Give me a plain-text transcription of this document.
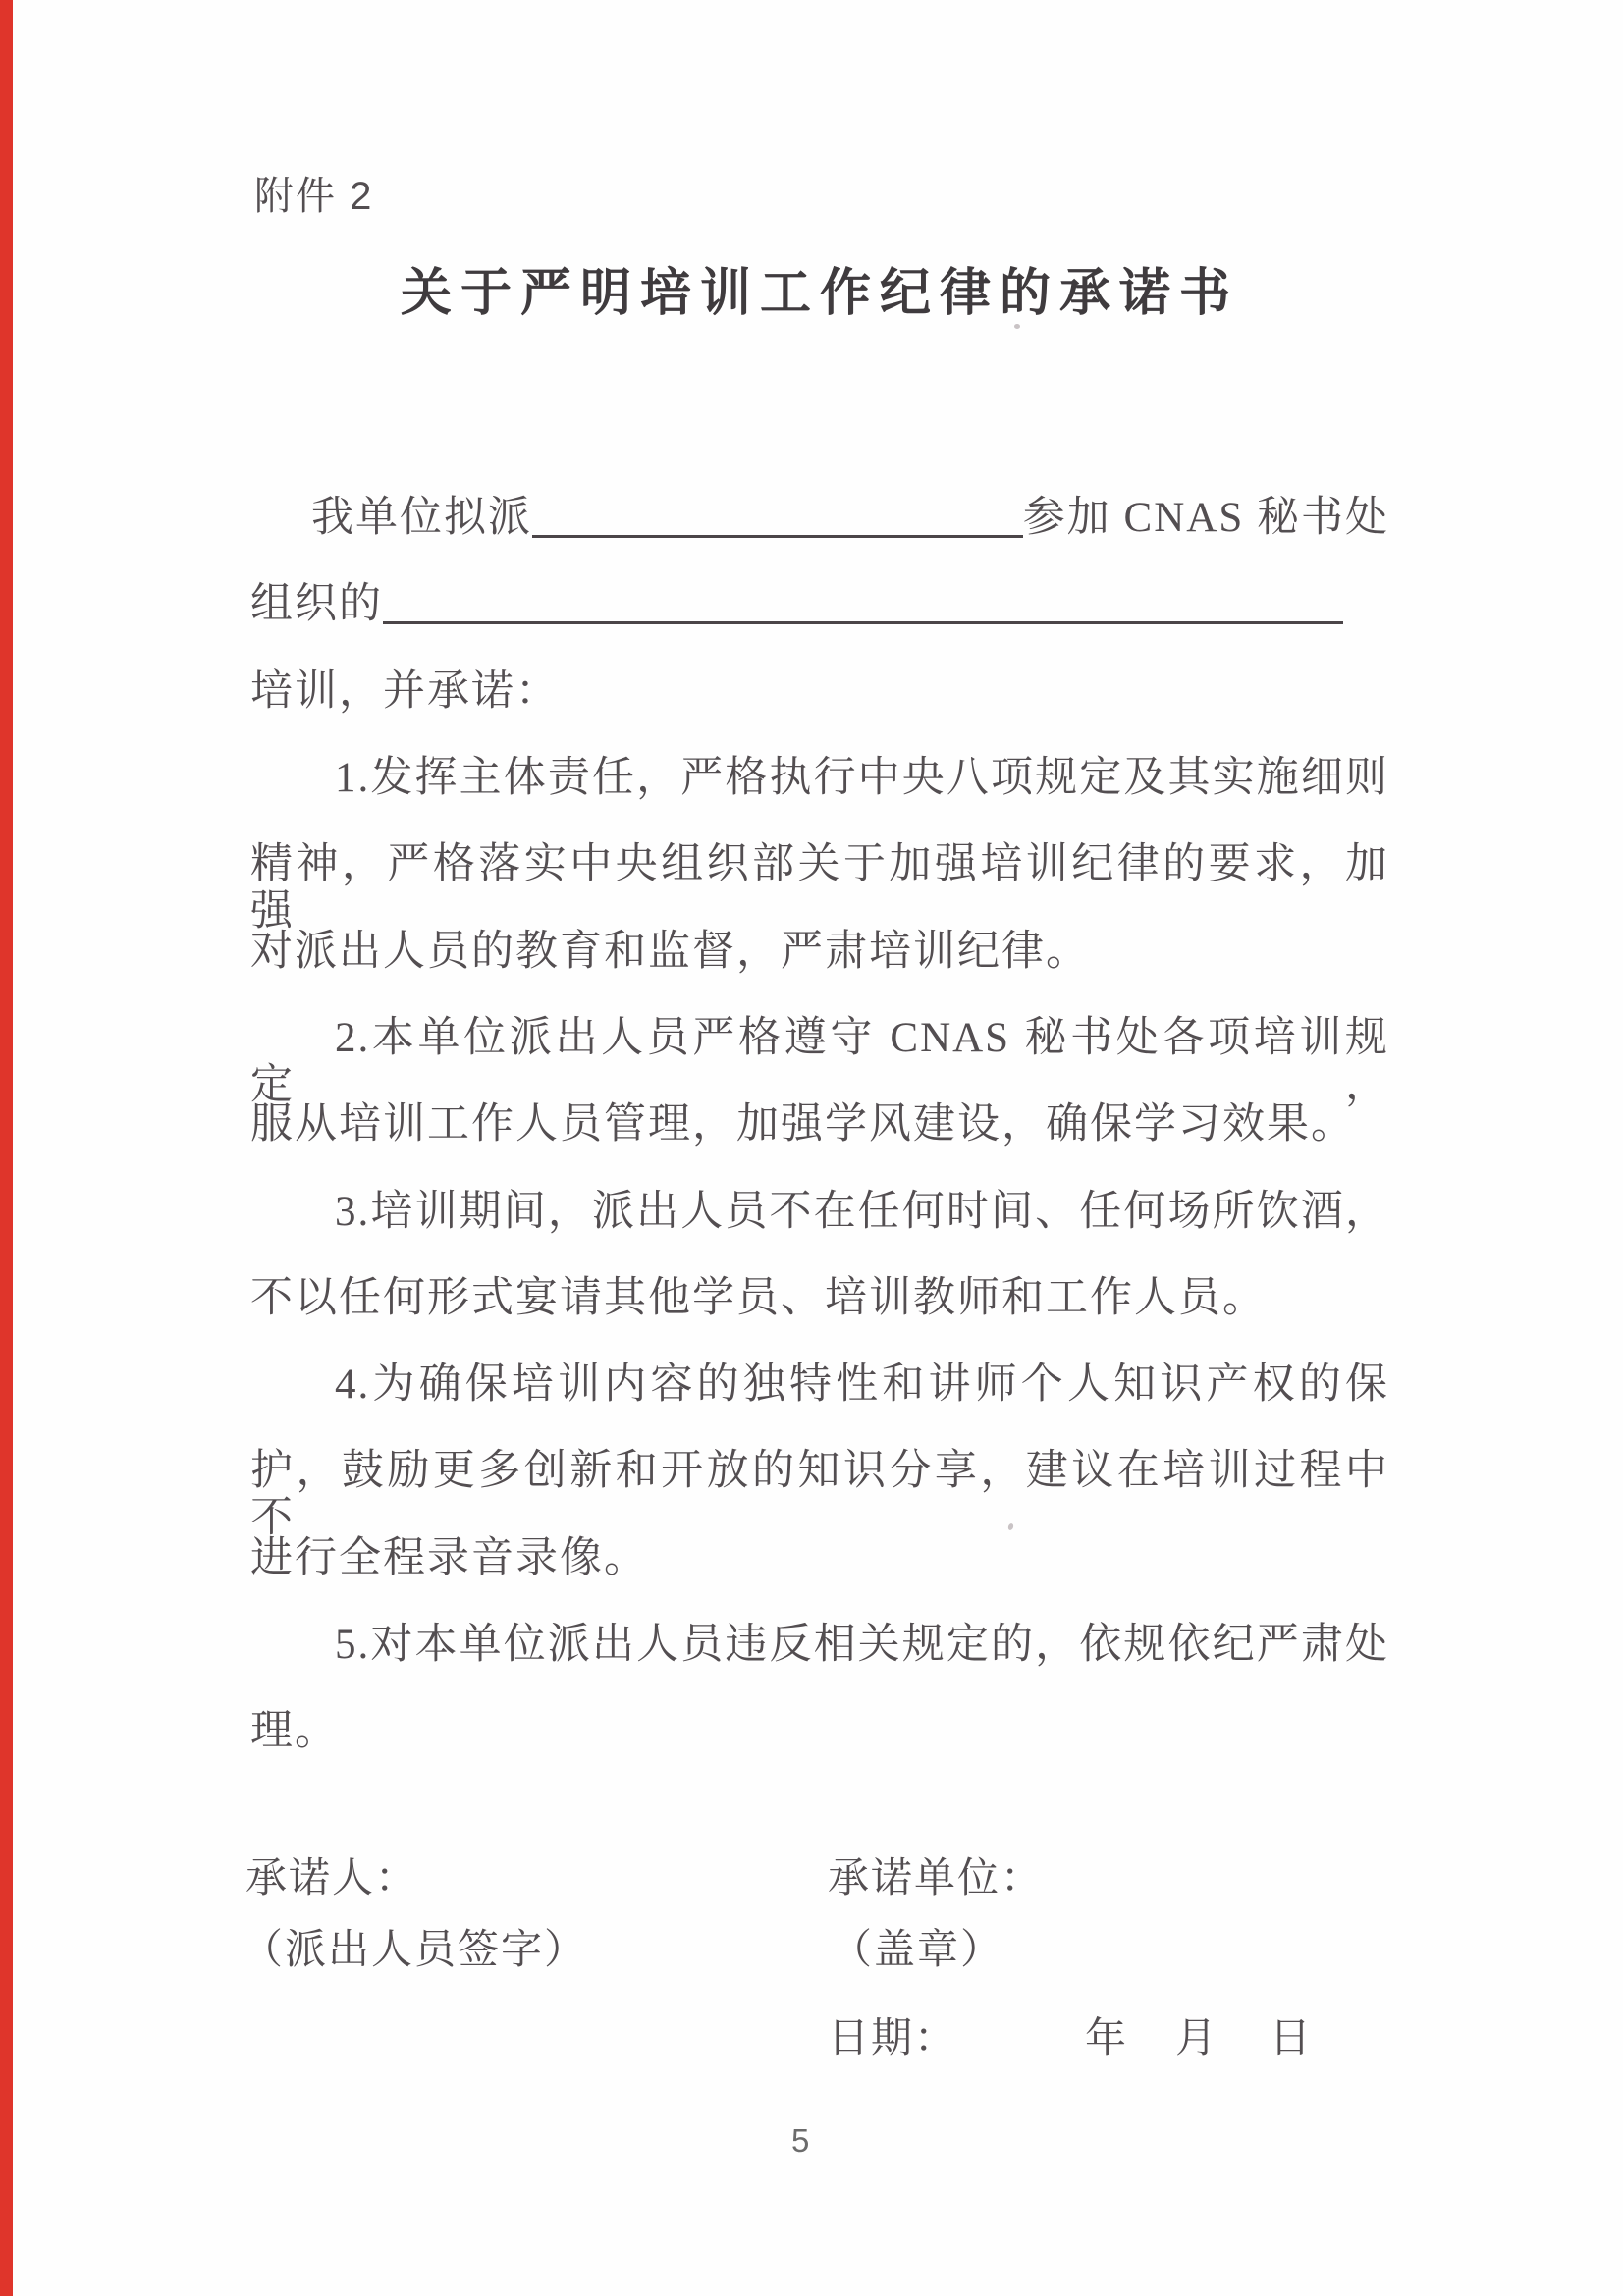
附件 2
关于严明培训工作纪律的承诺书
我单位拟派	参加 CNAS 秘书处
组织的
培训，并承诺：
1.发挥主体责任，严格执行中央八项规定及其实施细则
精神，严格落实中央组织部关于加强培训纪律的要求，加强
对派出人员的教育和监督，严肃培训纪律。
2.本单位派出人员严格遵守 CNAS 秘书处各项培训规定，
服从培训工作人员管理，加强学风建设，确保学习效果。
3.培训期间，派出人员不在任何时间、任何场所饮酒，
不以任何形式宴请其他学员、培训教师和工作人员。
4.为确保培训内容的独特性和讲师个人知识产权的保
护，鼓励更多创新和开放的知识分享，建议在培训过程中不
进行全程录音录像。
5.对本单位派出人员违反相关规定的，依规依纪严肃处
理。
承诺人：	承诺单位：
（派出人员签字）	（盖章）
日期：	年 月 日
5
